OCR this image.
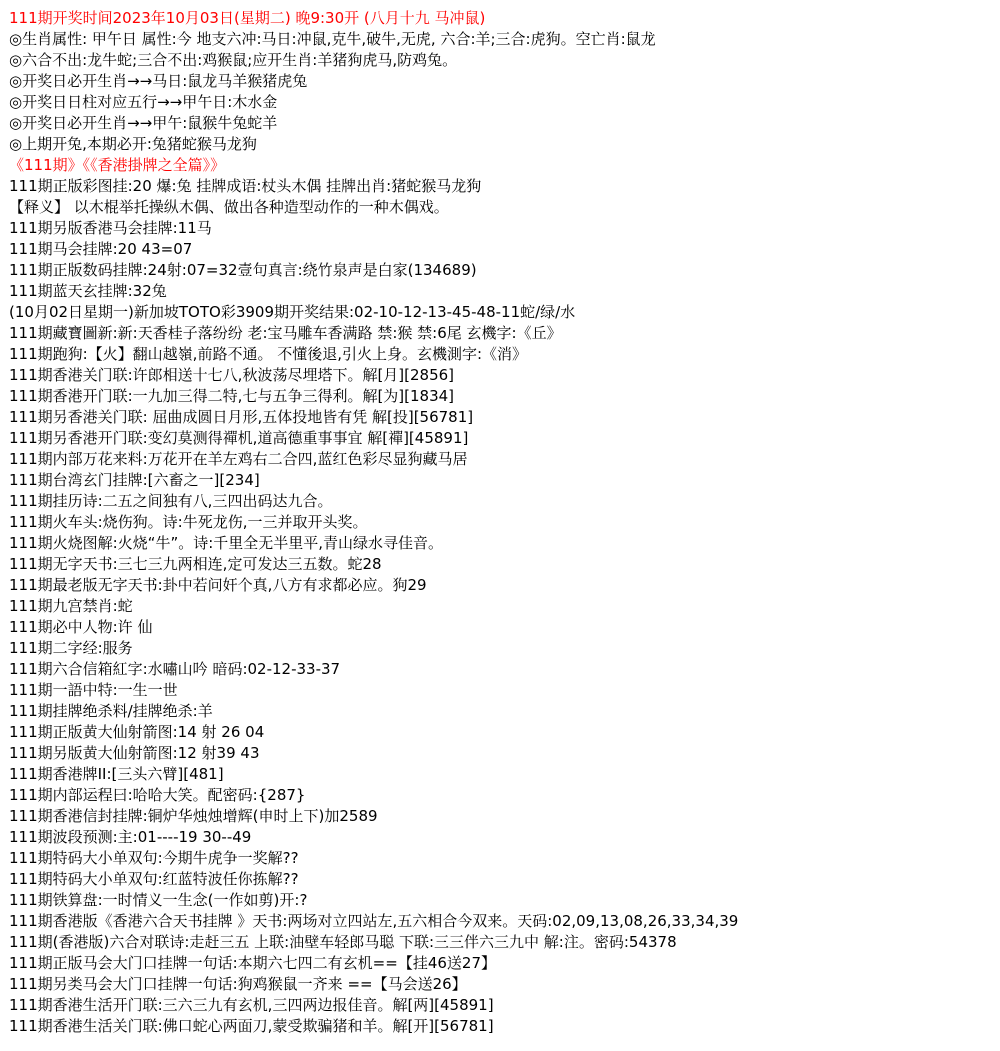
111期开奖时间2023年10月03日(星期二) 晚9:30开 (八月十九 马冲鼠)
◎生肖属性: 甲午日 属性:今 地支六冲:马日:冲鼠,克牛,破牛,无虎, 六合:羊;三合:虎狗。空亡肖:鼠龙
◎六合不出:龙牛蛇;三合不出:鸡猴鼠;应开生肖:羊猪狗虎马,防鸡兔。
◎开奖日必开生肖→→马日:鼠龙马羊猴猪虎兔
◎开奖日日柱对应五行→→甲午日:木水金
◎开奖日必开生肖→→甲午:鼠猴牛兔蛇羊
◎上期开兔,本期必开:兔猪蛇猴马龙狗
《111期》《《香港掛牌之全篇》》
111期正版彩图挂:20 爆:兔 挂牌成语:杖头木偶 挂牌出肖:猪蛇猴马龙狗
【释义】 以木棍举托操纵木偶、做出各种造型动作的一种木偶戏。
111期另版香港马会挂牌:11马
111期马会挂牌:20 43=07
111期正版数码挂牌:24射:07=32壹句真言:绕竹泉声是白家(134689)
111期蓝天玄挂牌:32兔
(10月02日星期一)新加坡TOTO彩3909期开奖结果:02-10-12-13-45-48-11蛇/绿/水
111期藏寶圖新:新:天香桂子落纷纷 老:宝马雕车香满路 禁:猴 禁:6尾 玄機字:《丘》
111期跑狗:【火】翻山越嶺,前路不通。 不懂後退,引火上身。玄機測字:《消》
111期香港关门联:许郎相送十七八,秋波荡尽埋塔下。解[月][2856]
111期香港开门联:一九加三得二特,七与五争三得利。解[为][1834]
111期另香港关门联: 屈曲成圆日月形,五体投地皆有凭 解[投][56781]
111期另香港开门联:变幻莫测得禪机,道高德重事事宜 解[禪][45891]
111期内部万花来料:万花开在羊左鸡右二合四,蓝红色彩尽显狗藏马居
111期台湾玄门挂牌:[六畜之一][234]
111期挂历诗:二五之间独有八,三四出码达九合。
111期火车头:烧伤狗。诗:牛死龙伤,一三并取开头奖。
111期火烧图解:火烧“牛”。诗:千里全无半里平,青山绿水寻佳音。
111期无字天书:三七三九两相连,定可发达三五数。蛇28
111期最老版无字天书:卦中若问奸个真,八方有求都必应。狗29
111期九宫禁肖:蛇
111期必中人物:许 仙
111期二字经:服务
111期六合信箱紅字:水嘯山吟 暗码:02-12-33-37
111期一語中特:一生一世
111期挂牌绝杀料/挂牌绝杀:羊
111期正版黄大仙射箭图:14 射 26 04
111期另版黄大仙射箭图:12 射39 43
111期香港牌II:[三头六臂][481]
111期内部运程曰:哈哈大笑。配密码:{287}
111期香港信封挂牌:铜炉华烛烛增辉(申时上下)加2589
111期波段预测:主:01----19 30--49
111期特码大小单双句:今期牛虎争一奖解??
111期特码大小单双句:红蓝特波任你拣解??
111期铁算盘:一时情义一生念(一作如剪)开:?
111期香港版《香港六合天书挂牌 》天书:两场对立四站左,五六相合今双来。天码:02,09,13,08,26,33,34,39
111期(香港版)六合对联诗:走赶三五 上联:油壁车轻郎马聪 下联:三三伴六三九中 解:注。密码:54378
111期正版马会大门口挂牌一句话:本期六七四二有玄机==【挂46送27】
111期另类马会大门口挂牌一句话:狗鸡猴鼠一齐来 ==【马会送26】
111期香港生活开门联:三六三九有玄机,三四两边报佳音。解[两][45891]
111期香港生活关门联:佛口蛇心两面刀,蒙受欺骗猪和羊。解[开][56781]
